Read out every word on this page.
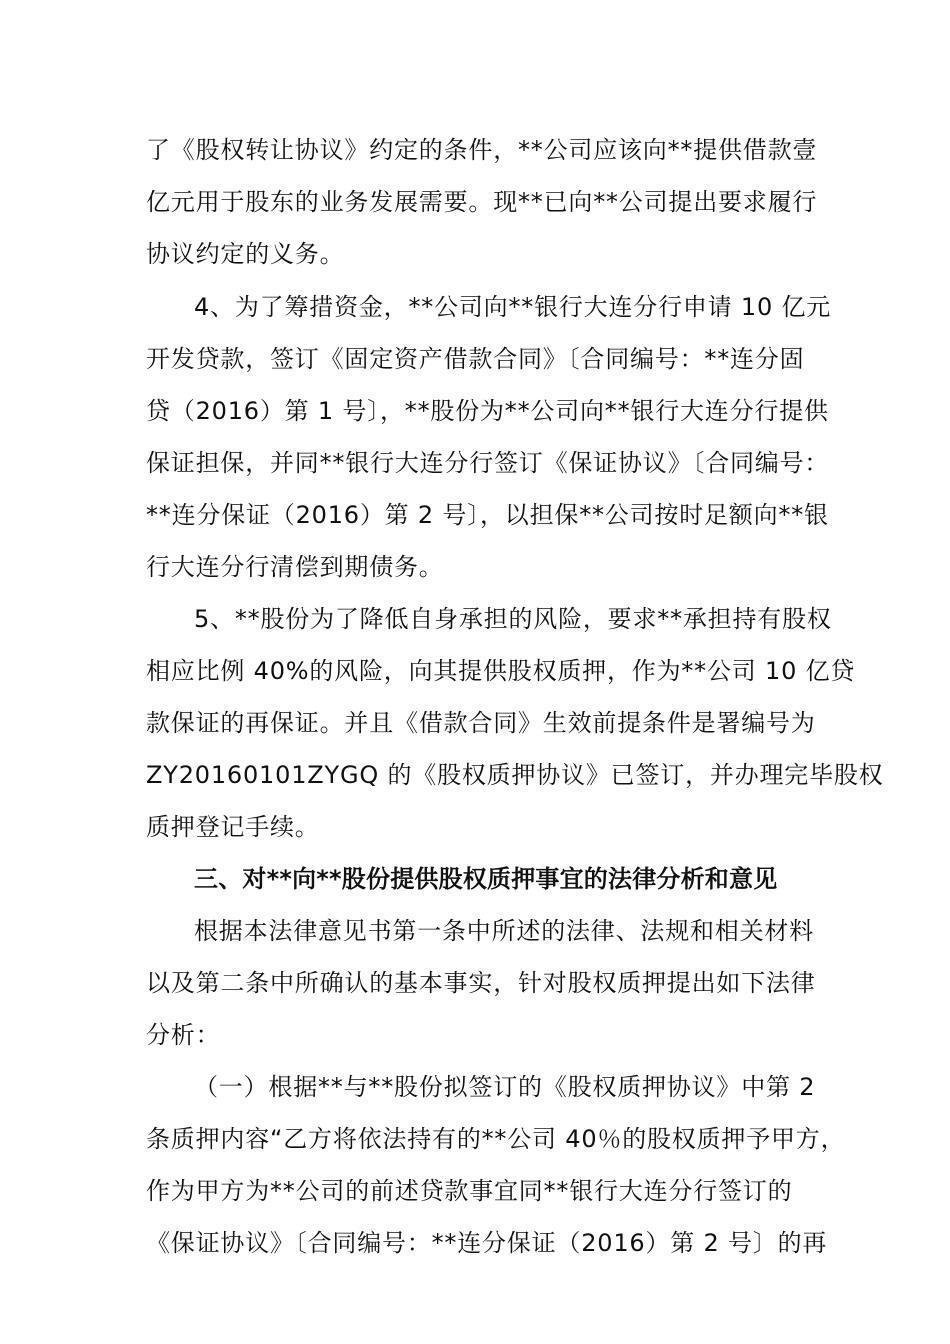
了《股权转让协议》约定的条件，**公司应该向**提供借款壹
亿元用于股东的业务发展需要。现**已向**公司提出要求履行
协议约定的义务。
4、为了筹措资金，**公司向**银行大连分行申请 10 亿元
开发贷款，签订《固定资产借款合同》〔合同编号：**连分固
贷（2016）第 1 号〕，**股份为**公司向**银行大连分行提供
保证担保，并同**银行大连分行签订《保证协议》〔合同编号：
**连分保证（2016）第 2 号〕，以担保**公司按时足额向**银
行大连分行清偿到期债务。
5、**股份为了降低自身承担的风险，要求**承担持有股权
相应比例 40%的风险，向其提供股权质押，作为**公司 10 亿贷
款保证的再保证。并且《借款合同》生效前提条件是署编号为
ZY20160101ZYGQ 的《股权质押协议》已签订，并办理完毕股权
质押登记手续。
三、对**向**股份提供股权质押事宜的法律分析和意见
根据本法律意见书第一条中所述的法律、法规和相关材料
以及第二条中所确认的基本事实，针对股权质押提出如下法律
分析：
（一）根据**与**股份拟签订的《股权质押协议》中第 2
条质押内容“乙方将依法持有的**公司 40％的股权质押予甲方，
作为甲方为**公司的前述贷款事宜同**银行大连分行签订的
《保证协议》〔合同编号：**连分保证（2016）第 2 号〕的再
